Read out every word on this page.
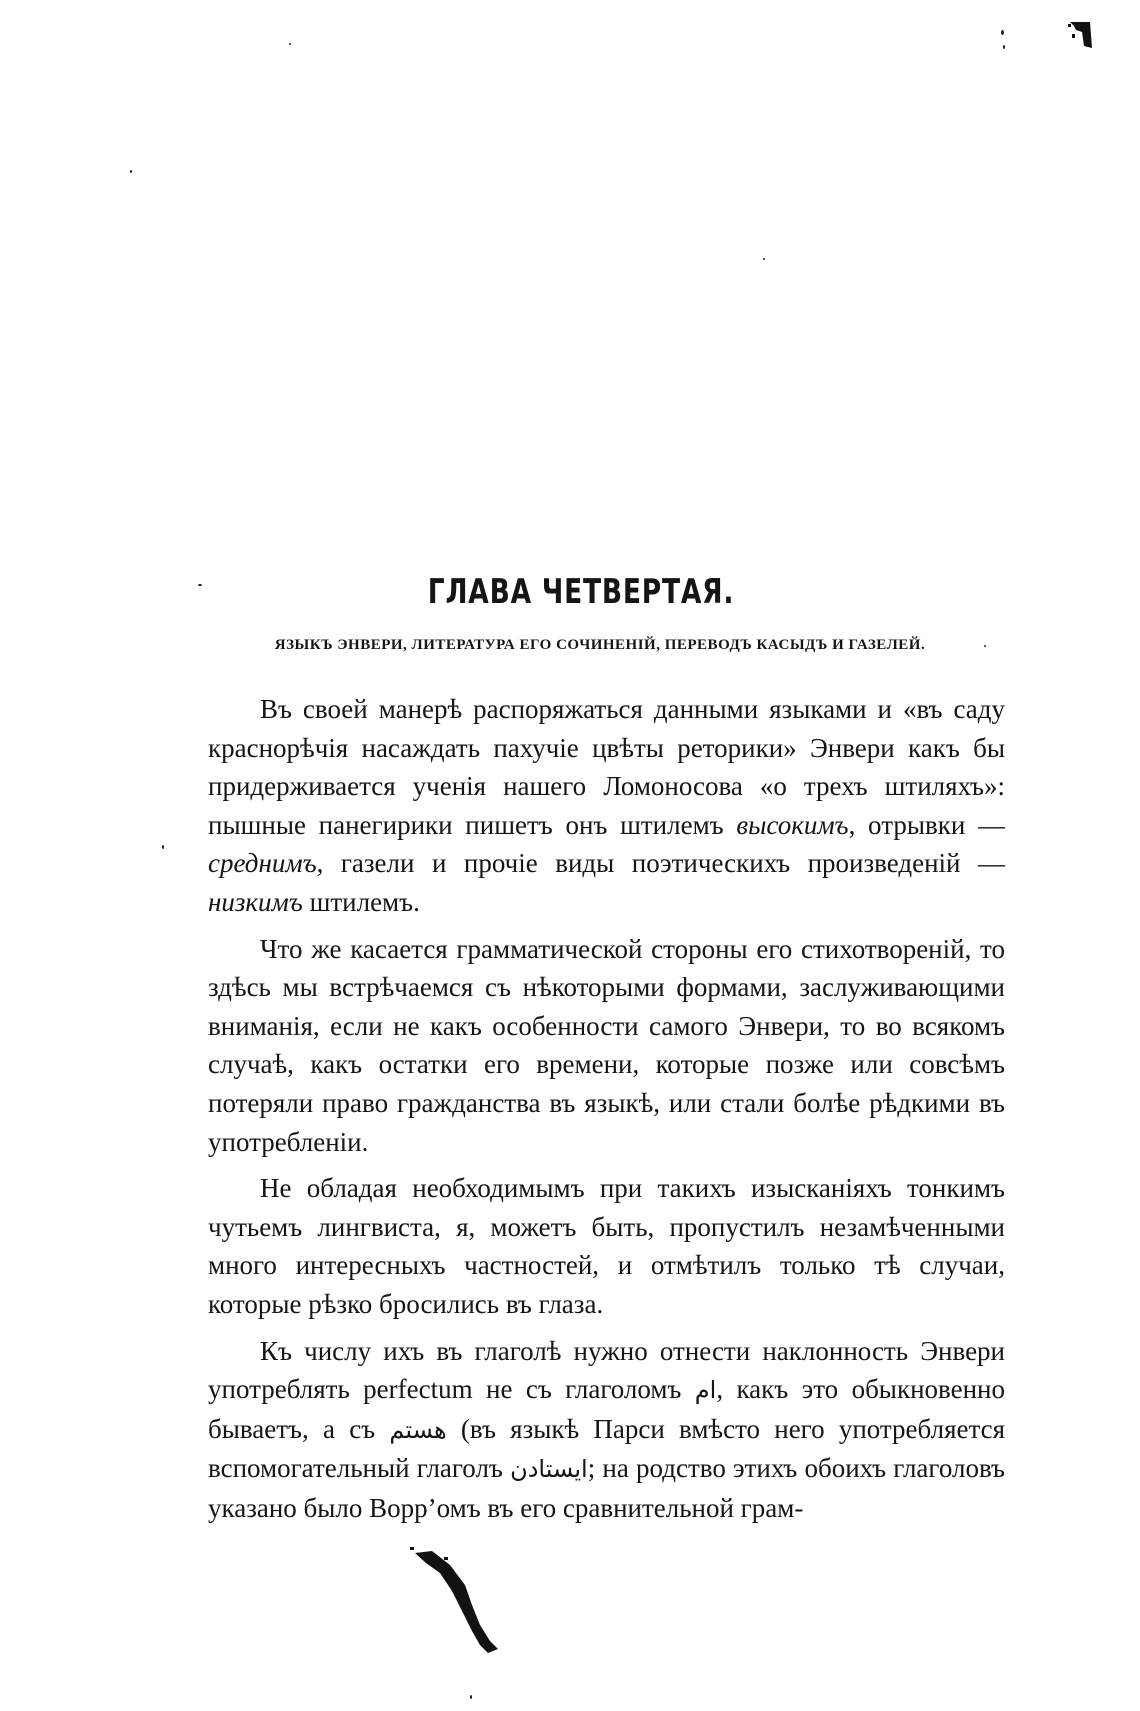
ГЛАВА ЧЕТВЕРТАЯ.

ЯЗЫКЪ ЭНВЕРИ, ЛИТЕРАТУРА ЕГО СОЧИНЕНІЙ, ПЕРЕВОДЪ КАСЫДЪ И ГАЗЕЛЕЙ.

Въ своей манерѣ распоряжаться данными языками и «въ саду краснорѣчія насаждать пахучіе цвѣты реторики» Энвери какъ бы придерживается ученія нашего Ломоносова «о трехъ штиляхъ»: пышные панегирики пишетъ онъ штилемъ высокимъ, отрывки — среднимъ, газели и прочіе виды поэтическихъ произведеній — низкимъ штилемъ.

Что же касается грамматической стороны его стихотвореній, то здѣсь мы встрѣчаемся съ нѣкоторыми формами, заслуживающими вниманія, если не какъ особенности самого Энвери, то во всякомъ случаѣ, какъ остатки его времени, которые позже или совсѣмъ потеряли право гражданства въ языкѣ, или стали болѣе рѣдкими въ употребленіи.

Не обладая необходимымъ при такихъ изысканіяхъ тонкимъ чутьемъ лингвиста, я, можетъ быть, пропустилъ незамѣченными много интересныхъ частностей, и отмѣтилъ только тѣ случаи, которые рѣзко бросились въ глаза.

Къ числу ихъ въ глаголѣ нужно отнести наклонность Энвери употреблять perfectum не съ глаголомъ ام, какъ это обыкновенно бываетъ, а съ هستم (въ языкѣ Парси вмѣсто него употребляется вспомогательный глаголъ ایستادن; на родство этихъ обоихъ глаголовъ указано было Bopp’омъ въ его сравнительной грам-
